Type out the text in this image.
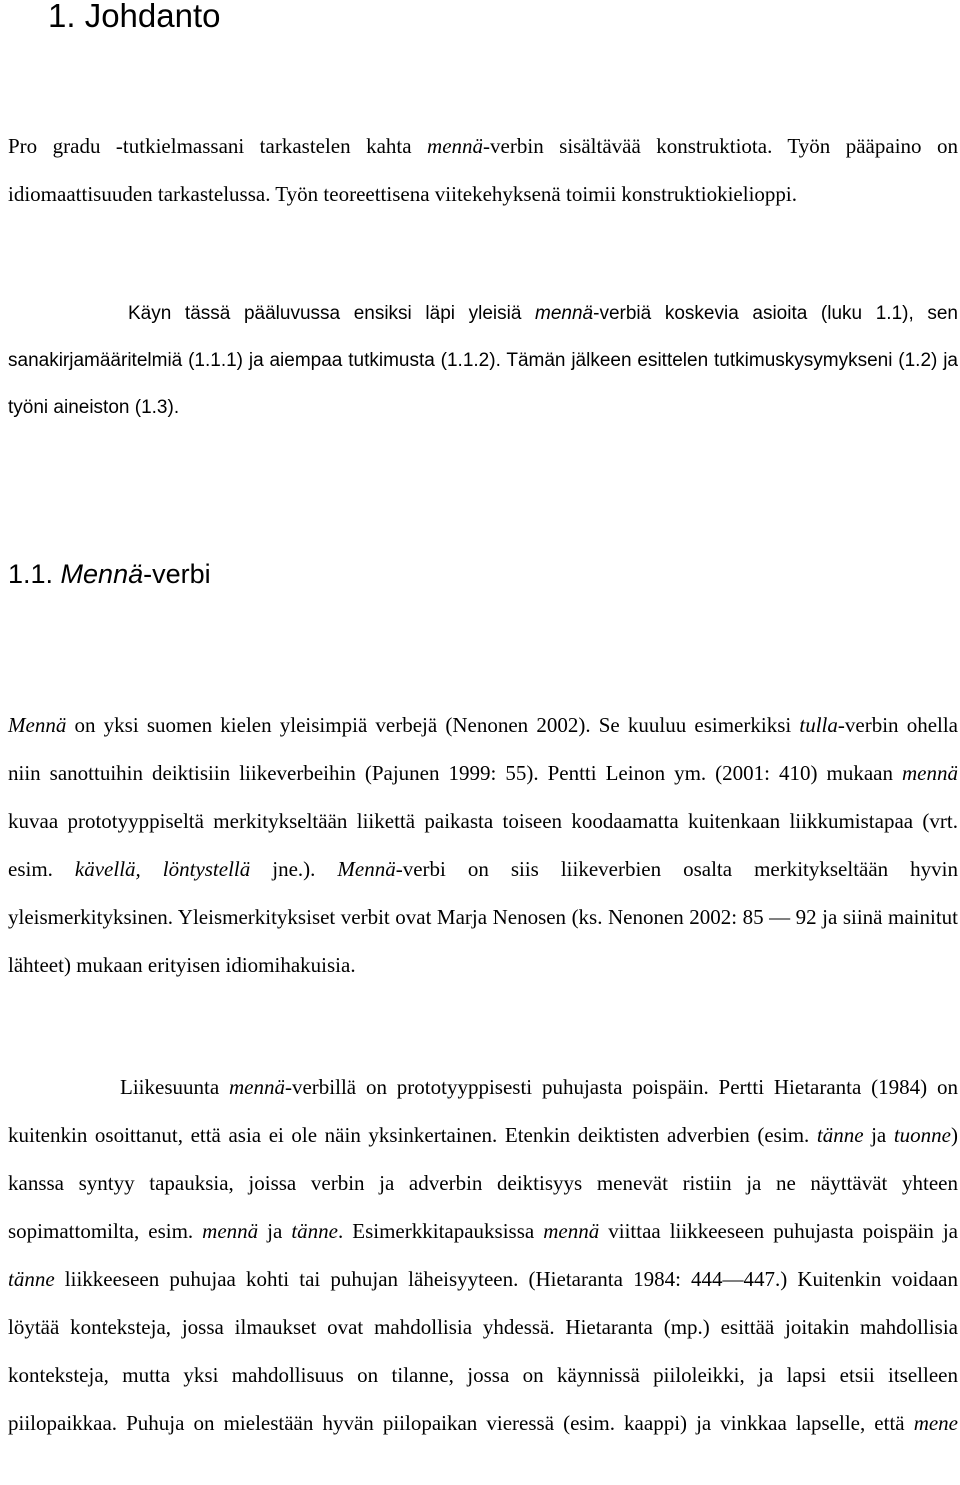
1. Johdanto

Pro gradu -tutkielmassani tarkastelen kahta mennä-verbin sisältävää konstruktiota. Työn pääpaino on idiomaattisuuden tarkastelussa. Työn teoreettisena viitekehyksenä toimii konstruktiokielioppi.

Käyn tässä pääluvussa ensiksi läpi yleisiä mennä-verbiä koskevia asioita (luku 1.1), sen sanakirjamääritelmiä (1.1.1) ja aiempaa tutkimusta (1.1.2). Tämän jälkeen esittelen tutkimuskysymykseni (1.2) ja työni aineiston (1.3).

1.1. Mennä-verbi

Mennä on yksi suomen kielen yleisimpiä verbejä (Nenonen 2002). Se kuuluu esimerkiksi tulla-verbin ohella niin sanottuihin deiktisiin liikeverbeihin (Pajunen 1999: 55). Pentti Leinon ym. (2001: 410) mukaan mennä kuvaa prototyyppiseltä merkitykseltään liikettä paikasta toiseen koodaamatta kuitenkaan liikkumistapaa (vrt. esim. kävellä, löntystellä jne.). Mennä-verbi on siis liikeverbien osalta merkitykseltään hyvin yleismerkityksinen. Yleismerkityksiset verbit ovat Marja Nenosen (ks. Nenonen 2002: 85 — 92 ja siinä mainitut lähteet) mukaan erityisen idiomihakuisia.

Liikesuunta mennä-verbillä on prototyyppisesti puhujasta poispäin. Pertti Hietaranta (1984) on kuitenkin osoittanut, että asia ei ole näin yksinkertainen. Etenkin deiktisten adverbien (esim. tänne ja tuonne) kanssa syntyy tapauksia, joissa verbin ja adverbin deiktisyys menevät ristiin ja ne näyttävät yhteen sopimattomilta, esim. mennä ja tänne. Esimerkkitapauksissa mennä viittaa liikkeeseen puhujasta poispäin ja tänne liikkeeseen puhujaa kohti tai puhujan läheisyyteen. (Hietaranta 1984: 444—447.) Kuitenkin voidaan löytää konteksteja, jossa ilmaukset ovat mahdollisia yhdessä. Hietaranta (mp.) esittää joitakin mahdollisia konteksteja, mutta yksi mahdollisuus on tilanne, jossa on käynnissä piiloleikki, ja lapsi etsii itselleen piilopaikkaa. Puhuja on mielestään hyvän piilopaikan vieressä (esim. kaappi) ja vinkkaa lapselle, että mene
